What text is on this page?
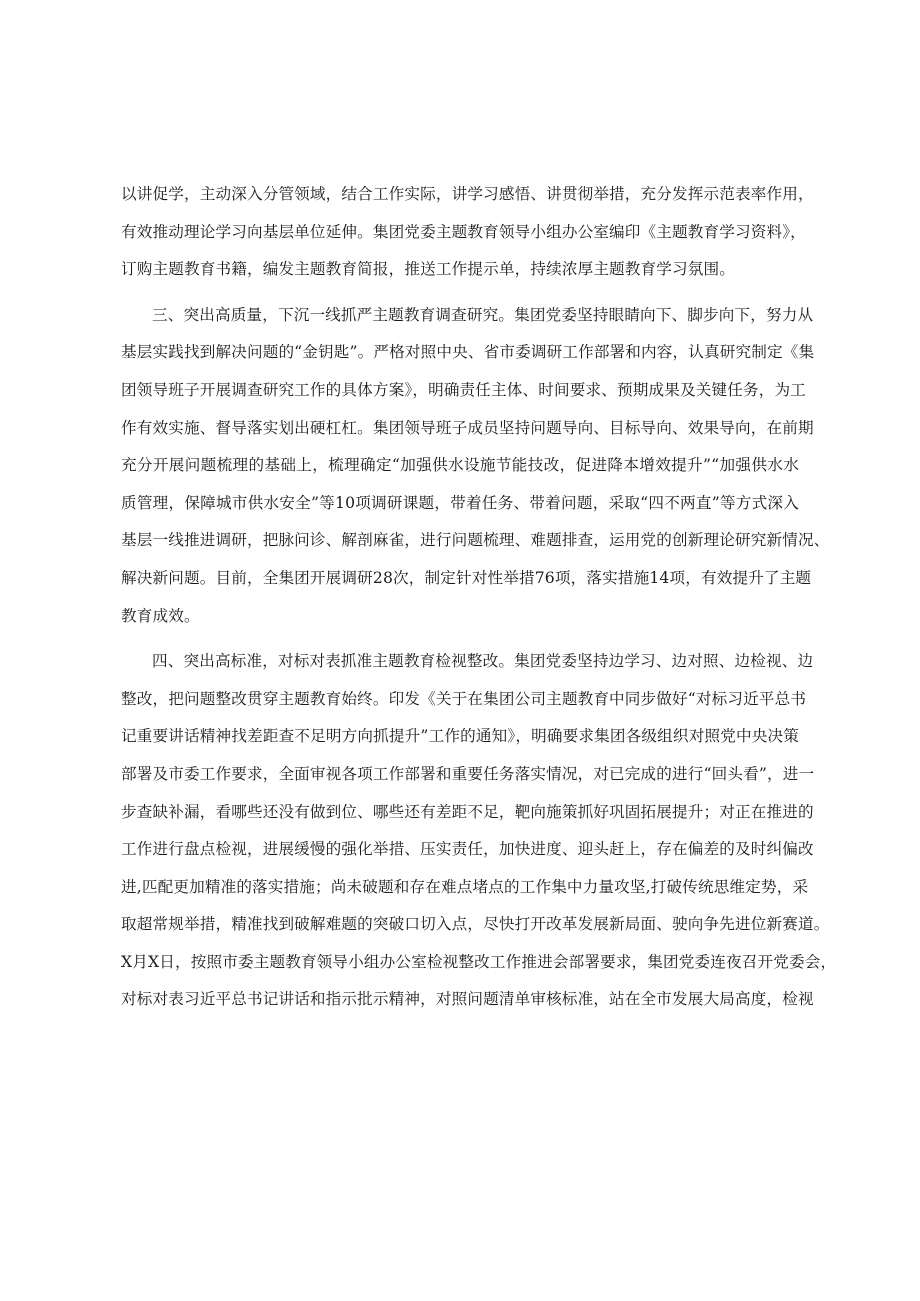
以讲促学，主动深入分管领域，结合工作实际，讲学习感悟、讲贯彻举措，充分发挥示范表率作用，
有效推动理论学习向基层单位延伸。集团党委主题教育领导小组办公室编印《主题教育学习资料》，
订购主题教育书籍，编发主题教育简报，推送工作提示单，持续浓厚主题教育学习氛围。
三、突出高质量，下沉一线抓严主题教育调查研究。集团党委坚持眼睛向下、脚步向下，努力从
基层实践找到解决问题的“金钥匙”。严格对照中央、省市委调研工作部署和内容，认真研究制定《集
团领导班子开展调查研究工作的具体方案》，明确责任主体、时间要求、预期成果及关键任务，为工
作有效实施、督导落实划出硬杠杠。集团领导班子成员坚持问题导向、目标导向、效果导向，在前期
充分开展问题梳理的基础上，梳理确定“加强供水设施节能技改，促进降本增效提升”“加强供水水
质管理，保障城市供水安全”等10项调研课题，带着任务、带着问题，采取“四不两直”等方式深入
基层一线推进调研，把脉问诊、解剖麻雀，进行问题梳理、难题排查，运用党的创新理论研究新情况、
解决新问题。目前，全集团开展调研28次，制定针对性举措76项，落实措施14项，有效提升了主题
教育成效。
四、突出高标准，对标对表抓准主题教育检视整改。集团党委坚持边学习、边对照、边检视、边
整改，把问题整改贯穿主题教育始终。印发《关于在集团公司主题教育中同步做好“对标习近平总书
记重要讲话精神找差距查不足明方向抓提升”工作的通知》，明确要求集团各级组织对照党中央决策
部署及市委工作要求，全面审视各项工作部署和重要任务落实情况，对已完成的进行“回头看”，进一
步查缺补漏，看哪些还没有做到位、哪些还有差距不足，靶向施策抓好巩固拓展提升；对正在推进的
工作进行盘点检视，进展缓慢的强化举措、压实责任，加快进度、迎头赶上，存在偏差的及时纠偏改
进,匹配更加精准的落实措施；尚未破题和存在难点堵点的工作集中力量攻坚,打破传统思维定势，采
取超常规举措，精准找到破解难题的突破口切入点，尽快打开改革发展新局面、驶向争先进位新赛道。
X月X日，按照市委主题教育领导小组办公室检视整改工作推进会部署要求，集团党委连夜召开党委会，
对标对表习近平总书记讲话和指示批示精神，对照问题清单审核标准，站在全市发展大局高度，检视
